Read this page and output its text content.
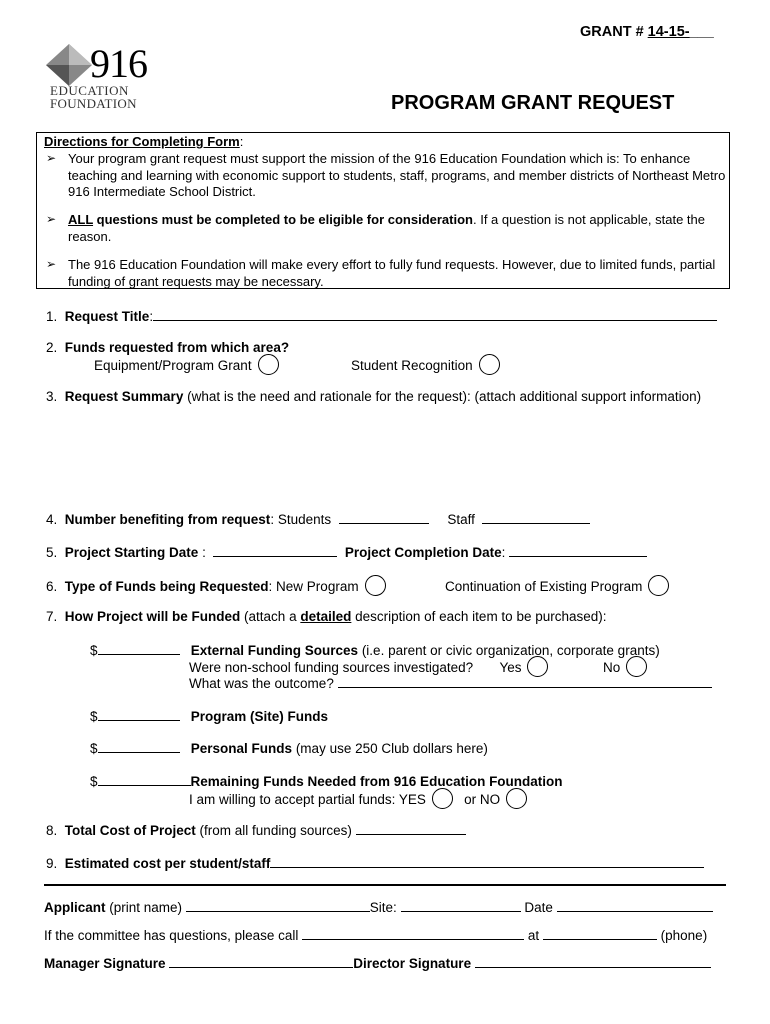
GRANT # 14-15-___
916
EDUCATION
FOUNDATION	PROGRAM GRANT REQUEST
Directions for Completing Form:
➢ Your program grant request must support the mission of the 916 Education Foundation which is: To enhance teaching and learning with economic support to students, staff, programs, and member districts of Northeast Metro 916 Intermediate School District.
➢ ALL questions must be completed to be eligible for consideration. If a question is not applicable, state the reason.
➢ The 916 Education Foundation will make every effort to fully fund requests. However, due to limited funds, partial funding of grant requests may be necessary.
1. Request Title:
2. Funds requested from which area?
Equipment/Program Grant	Student Recognition
3. Request Summary (what is the need and rationale for the request): (attach additional support information)
4. Number benefiting from request: Students	Staff
5. Project Starting Date :	Project Completion Date:
6. Type of Funds being Requested: New Program	Continuation of Existing Program
7. How Project will be Funded (attach a detailed description of each item to be purchased):
$	External Funding Sources (i.e. parent or civic organization, corporate grants)
Were non-school funding sources investigated? Yes	No
What was the outcome?
$	Program (Site) Funds
$	Personal Funds (may use 250 Club dollars here)
$	Remaining Funds Needed from 916 Education Foundation
I am willing to accept partial funds: YES	or NO
8. Total Cost of Project (from all funding sources)
9. Estimated cost per student/staff
Applicant (print name)	Site:	Date
If the committee has questions, please call	at	(phone)
Manager Signature	Director Signature
